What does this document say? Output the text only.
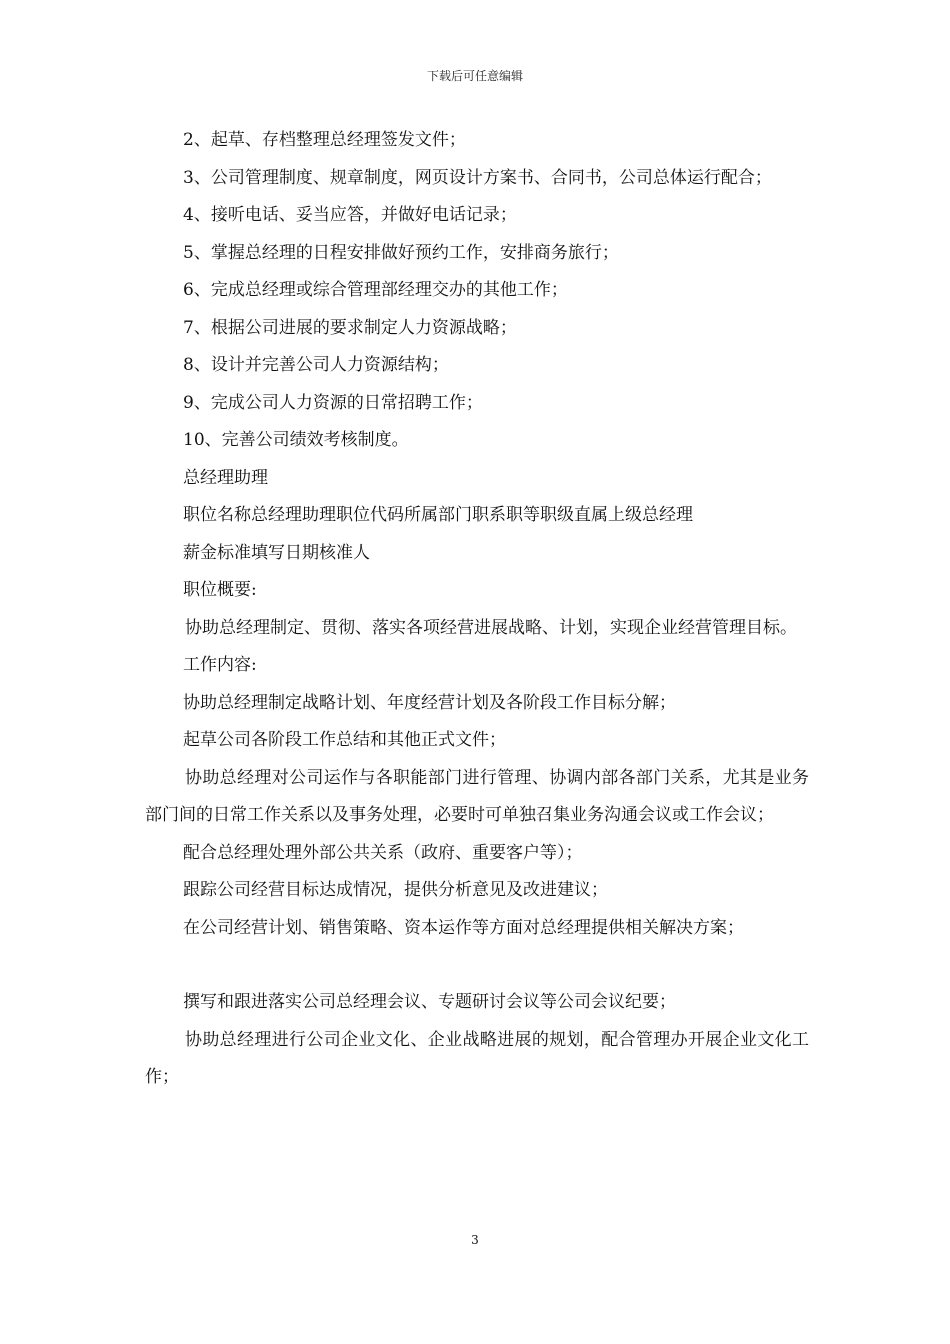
下载后可任意编辑

2、起草、存档整理总经理签发文件；

3、公司管理制度、规章制度，网页设计方案书、合同书，公司总体运行配合；

4、接听电话、妥当应答，并做好电话记录；

5、掌握总经理的日程安排做好预约工作，安排商务旅行；

6、完成总经理或综合管理部经理交办的其他工作；

7、根据公司进展的要求制定人力资源战略；

8、设计并完善公司人力资源结构；

9、完成公司人力资源的日常招聘工作；

10、完善公司绩效考核制度。

总经理助理

职位名称总经理助理职位代码所属部门职系职等职级直属上级总经理

薪金标准填写日期核准人

职位概要:

协助总经理制定、贯彻、落实各项经营进展战略、计划，实现企业经营管理目标。

工作内容:

协助总经理制定战略计划、年度经营计划及各阶段工作目标分解；

起草公司各阶段工作总结和其他正式文件；

协助总经理对公司运作与各职能部门进行管理、协调内部各部门关系，尤其是业务部门间的日常工作关系以及事务处理，必要时可单独召集业务沟通会议或工作会议；

配合总经理处理外部公共关系（政府、重要客户等）；

跟踪公司经营目标达成情况，提供分析意见及改进建议；

在公司经营计划、销售策略、资本运作等方面对总经理提供相关解决方案；

撰写和跟进落实公司总经理会议、专题研讨会议等公司会议纪要；

协助总经理进行公司企业文化、企业战略进展的规划，配合管理办开展企业文化工作；

3
